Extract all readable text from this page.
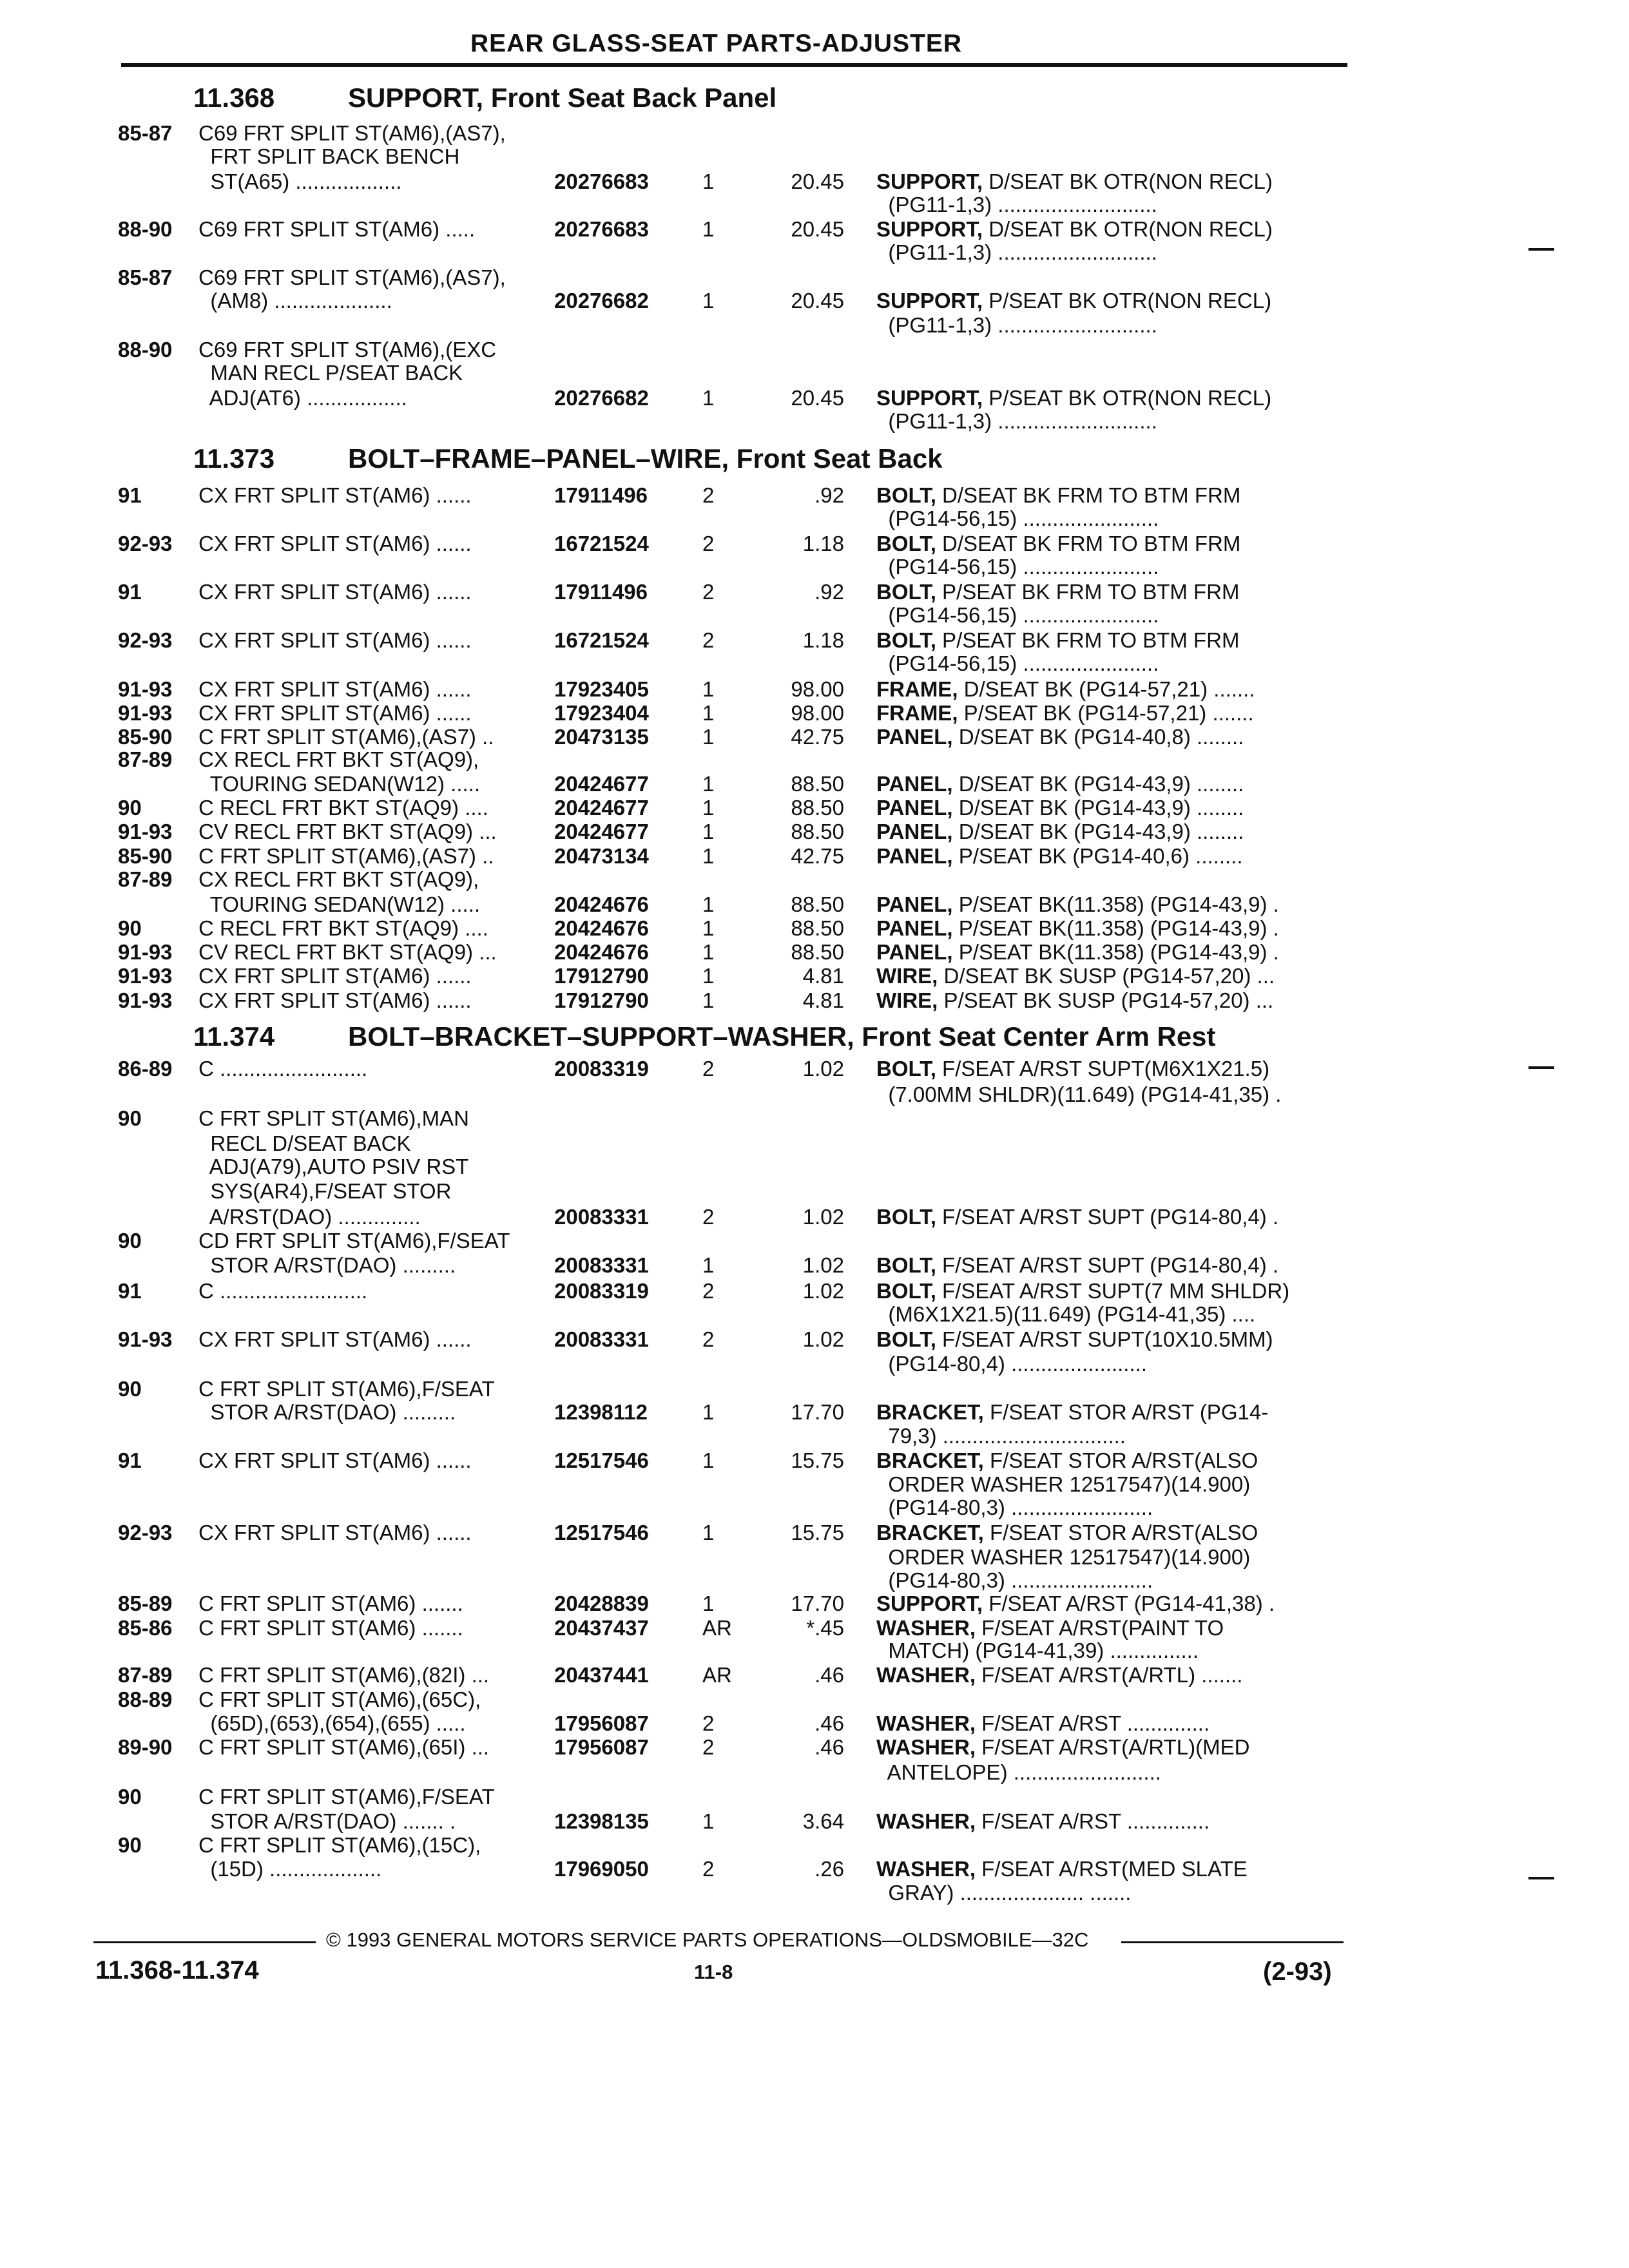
REAR GLASS-SEAT PARTS-ADJUSTER
11.368	SUPPORT, Front Seat Back Panel
11.373	BOLT–FRAME–PANEL–WIRE, Front Seat Back
11.374	BOLT–BRACKET–SUPPORT–WASHER, Front Seat Center Arm Rest
85-87 C69 FRT SPLIT ST(AM6),(AS7),
FRT SPLIT BACK BENCH
ST(A65) ..................	20276683	1	20.45 SUPPORT, D/SEAT BK OTR(NON RECL)
(PG11-1,3) ...........................
88-90 C69 FRT SPLIT ST(AM6) .....	20276683	1	20.45 SUPPORT, D/SEAT BK OTR(NON RECL)
(PG11-1,3) ...........................
85-87 C69 FRT SPLIT ST(AM6),(AS7),
(AM8) ....................	20276682	1	20.45 SUPPORT, P/SEAT BK OTR(NON RECL)
(PG11-1,3) ...........................
88-90 C69 FRT SPLIT ST(AM6),(EXC
MAN RECL P/SEAT BACK
ADJ(AT6) .................	20276682	1	20.45 SUPPORT, P/SEAT BK OTR(NON RECL)
(PG11-1,3) ...........................
91	CX FRT SPLIT ST(AM6) ......	17911496	2	.92 BOLT, D/SEAT BK FRM TO BTM FRM
(PG14-56,15) .......................
92-93 CX FRT SPLIT ST(AM6) ......	16721524	2	1.18 BOLT, D/SEAT BK FRM TO BTM FRM
(PG14-56,15) .......................
91	CX FRT SPLIT ST(AM6) ......	17911496	2	.92 BOLT, P/SEAT BK FRM TO BTM FRM
(PG14-56,15) .......................
92-93 CX FRT SPLIT ST(AM6) ......	16721524	2	1.18 BOLT, P/SEAT BK FRM TO BTM FRM
(PG14-56,15) .......................
91-93 CX FRT SPLIT ST(AM6) ......	17923405	1	98.00 FRAME, D/SEAT BK (PG14-57,21) .......
91-93 CX FRT SPLIT ST(AM6) ......	17923404	1	98.00 FRAME, P/SEAT BK (PG14-57,21) .......
85-90 C FRT SPLIT ST(AM6),(AS7) ..	20473135	1	42.75 PANEL, D/SEAT BK (PG14-40,8) ........
87-89 CX RECL FRT BKT ST(AQ9),
TOURING SEDAN(W12) .....	20424677	1	88.50 PANEL, D/SEAT BK (PG14-43,9) ........
90	C RECL FRT BKT ST(AQ9) ....	20424677	1	88.50 PANEL, D/SEAT BK (PG14-43,9) ........
91-93 CV RECL FRT BKT ST(AQ9) ...	20424677	1	88.50 PANEL, D/SEAT BK (PG14-43,9) ........
85-90 C FRT SPLIT ST(AM6),(AS7) ..	20473134	1	42.75 PANEL, P/SEAT BK (PG14-40,6) ........
87-89 CX RECL FRT BKT ST(AQ9),
TOURING SEDAN(W12) .....	20424676	1	88.50 PANEL, P/SEAT BK(11.358) (PG14-43,9) .
90	C RECL FRT BKT ST(AQ9) ....	20424676	1	88.50 PANEL, P/SEAT BK(11.358) (PG14-43,9) .
91-93 CV RECL FRT BKT ST(AQ9) ...	20424676	1	88.50 PANEL, P/SEAT BK(11.358) (PG14-43,9) .
91-93 CX FRT SPLIT ST(AM6) ......	17912790	1	4.81 WIRE, D/SEAT BK SUSP (PG14-57,20) ...
91-93 CX FRT SPLIT ST(AM6) ......	17912790	1	4.81 WIRE, P/SEAT BK SUSP (PG14-57,20) ...
86-89 C .........................	20083319	2	1.02 BOLT, F/SEAT A/RST SUPT(M6X1X21.5)
(7.00MM SHLDR)(11.649) (PG14-41,35) .
90	C FRT SPLIT ST(AM6),MAN
RECL D/SEAT BACK
ADJ(A79),AUTO PSIV RST
SYS(AR4),F/SEAT STOR
A/RST(DAO) ..............	20083331	2	1.02 BOLT, F/SEAT A/RST SUPT (PG14-80,4) .
90	CD FRT SPLIT ST(AM6),F/SEAT
STOR A/RST(DAO) .........	20083331	1	1.02 BOLT, F/SEAT A/RST SUPT (PG14-80,4) .
91	C .........................	20083319	2	1.02 BOLT, F/SEAT A/RST SUPT(7 MM SHLDR)
(M6X1X21.5)(11.649) (PG14-41,35) ....
91-93 CX FRT SPLIT ST(AM6) ......	20083331	2	1.02 BOLT, F/SEAT A/RST SUPT(10X10.5MM)
(PG14-80,4) .......................
90	C FRT SPLIT ST(AM6),F/SEAT
STOR A/RST(DAO) .........	12398112	1	17.70 BRACKET, F/SEAT STOR A/RST (PG14-
79,3) ...............................
91	CX FRT SPLIT ST(AM6) ......	12517546	1	15.75 BRACKET, F/SEAT STOR A/RST(ALSO
ORDER WASHER 12517547)(14.900)
(PG14-80,3) ........................
92-93 CX FRT SPLIT ST(AM6) ......	12517546	1	15.75 BRACKET, F/SEAT STOR A/RST(ALSO
ORDER WASHER 12517547)(14.900)
(PG14-80,3) ........................
85-89 C FRT SPLIT ST(AM6) .......	20428839	1	17.70 SUPPORT, F/SEAT A/RST (PG14-41,38) .
85-86 C FRT SPLIT ST(AM6) .......	20437437	AR	*.45 WASHER, F/SEAT A/RST(PAINT TO
MATCH) (PG14-41,39) ...............
87-89 C FRT SPLIT ST(AM6),(82I) ...	20437441	AR	.46 WASHER, F/SEAT A/RST(A/RTL) .......
88-89 C FRT SPLIT ST(AM6),(65C),
(65D),(653),(654),(655) .....	17956087	2	.46 WASHER, F/SEAT A/RST ..............
89-90 C FRT SPLIT ST(AM6),(65I) ...	17956087	2	.46 WASHER, F/SEAT A/RST(A/RTL)(MED
ANTELOPE) .........................
90	C FRT SPLIT ST(AM6),F/SEAT
STOR A/RST(DAO) ....... .	12398135	1	3.64 WASHER, F/SEAT A/RST ..............
90	C FRT SPLIT ST(AM6),(15C),
(15D) ...................	17969050	2	.26 WASHER, F/SEAT A/RST(MED SLATE
GRAY) ..................... .......
© 1993 GENERAL MOTORS SERVICE PARTS OPERATIONS—OLDSMOBILE—32C
11.368-11.374	11-8	(2-93)
